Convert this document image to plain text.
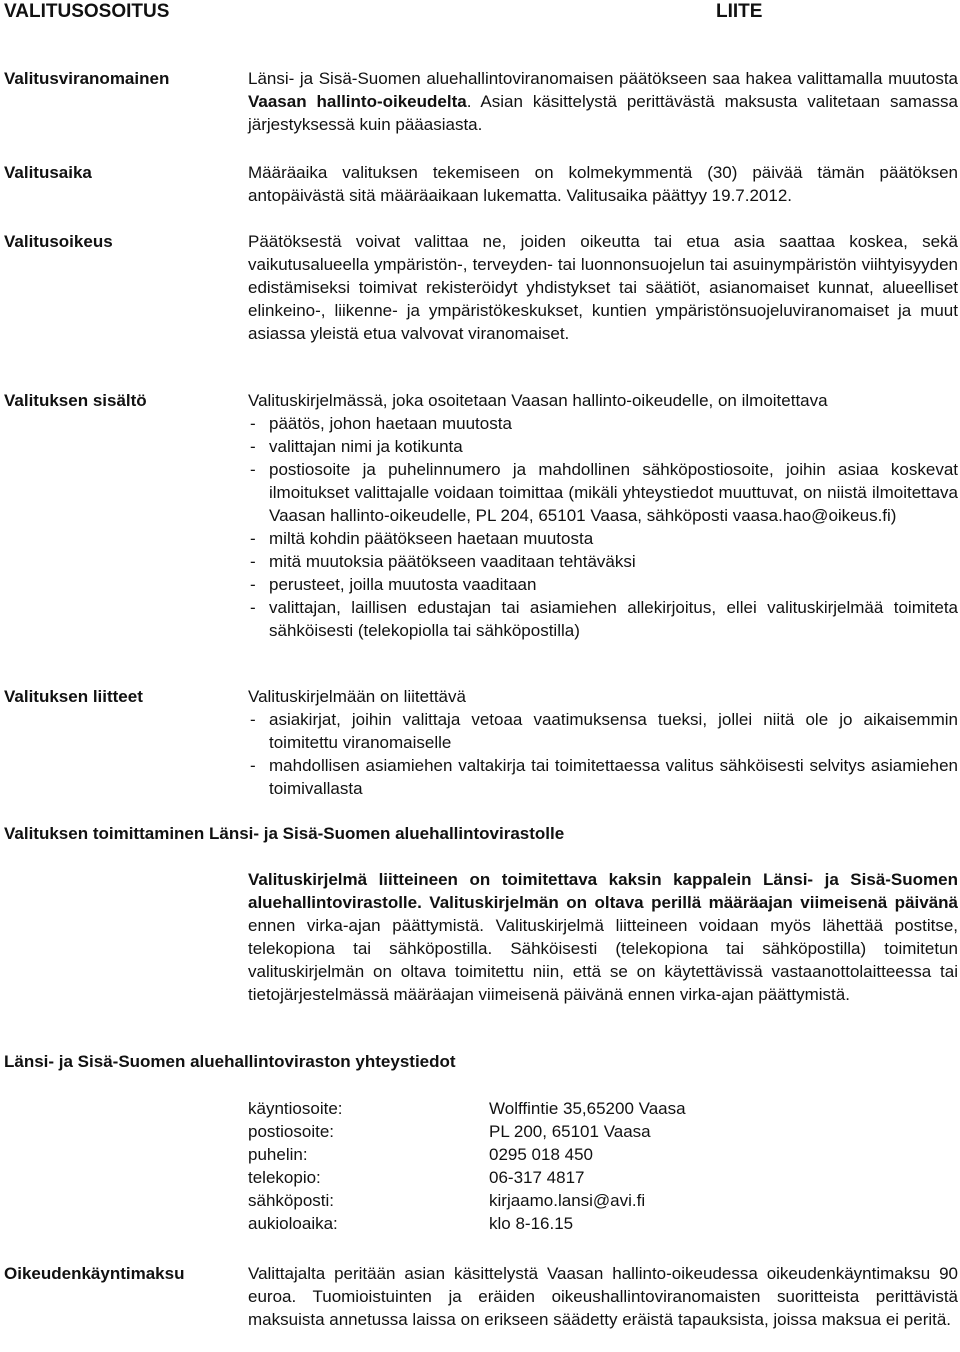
VALITUSOSOITUS	LIITE
Valitusviranomainen	Länsi- ja Sisä-Suomen aluehallintoviranomaisen päätökseen saa hakea valittamalla muutosta Vaasan hallinto-oikeudelta. Asian käsittelystä perittävästä maksusta valitetaan samassa järjestyksessä kuin pääasiasta.
Valitusaika	Määräaika valituksen tekemiseen on kolmekymmentä (30) päivää tämän päätöksen antopäivästä sitä määräaikaan lukematta. Valitusaika päättyy 19.7.2012.
Valitusoikeus	Päätöksestä voivat valittaa ne, joiden oikeutta tai etua asia saattaa koskea, sekä vaikutusalueella ympäristön-, terveyden- tai luonnonsuojelun tai asuinympäristön viihtyisyyden edistämiseksi toimivat rekisteröidyt yhdistykset tai säätiöt, asianomaiset kunnat, alueelliset elinkeino-, liikenne- ja ympäristökeskukset, kuntien ympäristönsuojeluviranomaiset ja muut asiassa yleistä etua valvovat viranomaiset.
Valituksen sisältö	Valituskirjelmässä, joka osoitetaan Vaasan hallinto-oikeudelle, on ilmoitettava
- päätös, johon haetaan muutosta
- valittajan nimi ja kotikunta
- postiosoite ja puhelinnumero ja mahdollinen sähköpostiosoite, joihin asiaa koskevat ilmoitukset valittajalle voidaan toimittaa (mikäli yhteystiedot muuttuvat, on niistä ilmoitettava Vaasan hallinto-oikeudelle, PL 204, 65101 Vaasa, sähköposti vaasa.hao@oikeus.fi)
- miltä kohdin päätökseen haetaan muutosta
- mitä muutoksia päätökseen vaaditaan tehtäväksi
- perusteet, joilla muutosta vaaditaan
- valittajan, laillisen edustajan tai asiamiehen allekirjoitus, ellei valituskirjelmää toimiteta sähköisesti (telekopiolla tai sähköpostilla)
Valituksen liitteet	Valituskirjelmään on liitettävä
- asiakirjat, joihin valittaja vetoaa vaatimuksensa tueksi, jollei niitä ole jo aikaisemmin toimitettu viranomaiselle
- mahdollisen asiamiehen valtakirja tai toimitettaessa valitus sähköisesti selvitys asiamiehen toimivallasta
Valituksen toimittaminen Länsi- ja Sisä-Suomen aluehallintovirastolle
Valituskirjelmä liitteineen on toimitettava kaksin kappalein Länsi- ja Sisä-Suomen aluehallintovirastolle. Valituskirjelmän on oltava perillä määräajan viimeisenä päivänä ennen virka-ajan päättymistä. Valituskirjelmä liitteineen voidaan myös lähettää postitse, telekopiona tai sähköpostilla. Sähköisesti (telekopiona tai sähköpostilla) toimitetun valituskirjelmän on oltava toimitettu niin, että se on käytettävissä vastaanottolaitteessa tai tietojärjestelmässä määräajan viimeisenä päivänä ennen virka-ajan päättymistä.
Länsi- ja Sisä-Suomen aluehallintoviraston yhteystiedot
käyntiosoite:	Wolffintie 35,65200 Vaasa
postiosoite:	PL 200, 65101 Vaasa
puhelin:	0295 018 450
telekopio:	06-317 4817
sähköposti:	kirjaamo.lansi@avi.fi
aukioloaika:	klo 8-16.15
Oikeudenkäyntimaksu	Valittajalta peritään asian käsittelystä Vaasan hallinto-oikeudessa oikeudenkäyntimaksu 90 euroa. Tuomioistuinten ja eräiden oikeushallintoviranomaisten suoritteista perittävistä maksuista annetussa laissa on erikseen säädetty eräistä tapauksista, joissa maksua ei peritä.
